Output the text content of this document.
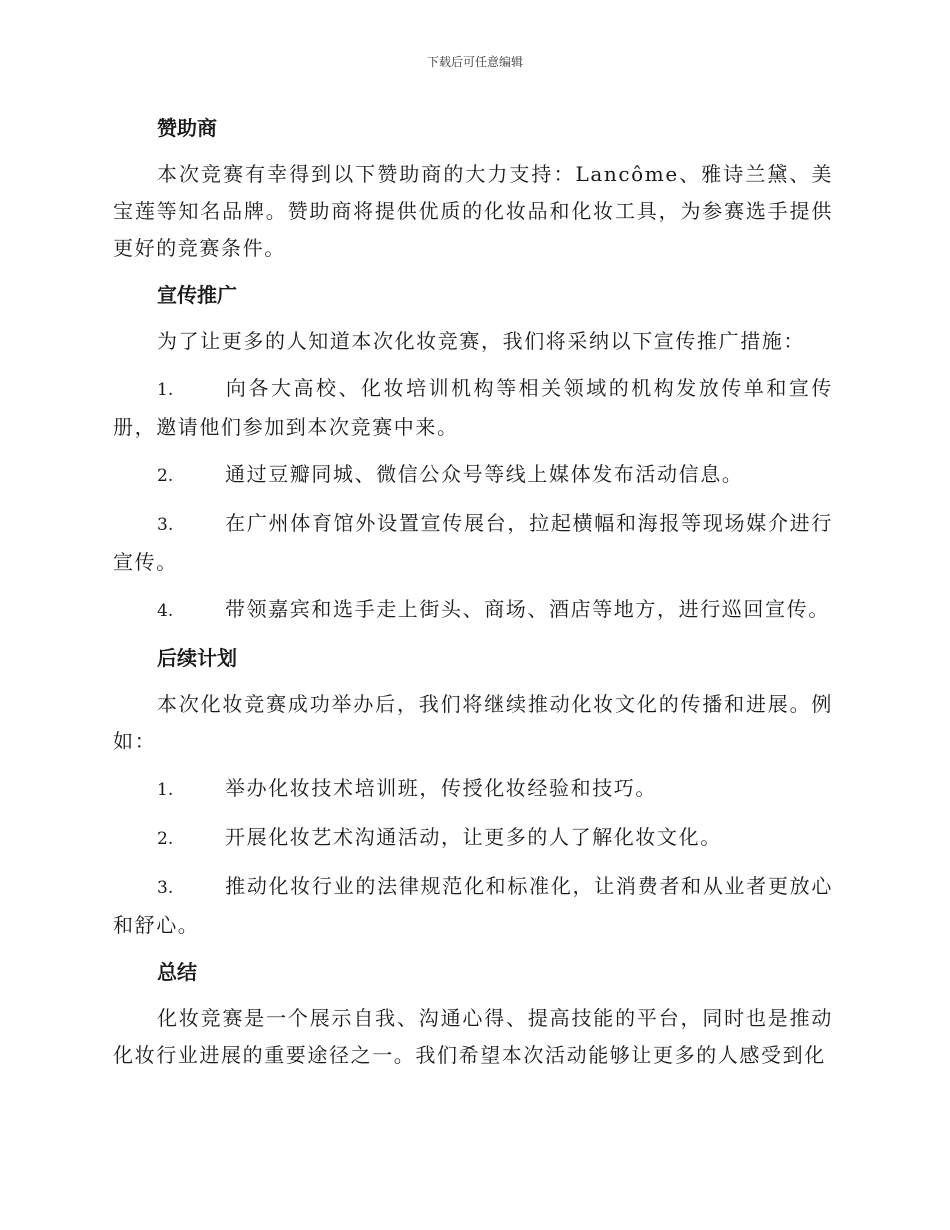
下载后可任意编辑
赞助商

本次竞赛有幸得到以下赞助商的大力支持：Lancôme、雅诗兰黛、美宝莲等知名品牌。赞助商将提供优质的化妆品和化妆工具，为参赛选手提供更好的竞赛条件。

宣传推广

为了让更多的人知道本次化妆竞赛，我们将采纳以下宣传推广措施：

1.	向各大高校、化妆培训机构等相关领域的机构发放传单和宣传册，邀请他们参加到本次竞赛中来。

2.	通过豆瓣同城、微信公众号等线上媒体发布活动信息。

3.	在广州体育馆外设置宣传展台，拉起横幅和海报等现场媒介进行宣传。

4.	带领嘉宾和选手走上街头、商场、酒店等地方，进行巡回宣传。

后续计划

本次化妆竞赛成功举办后，我们将继续推动化妆文化的传播和进展。例如：

1.	举办化妆技术培训班，传授化妆经验和技巧。

2.	开展化妆艺术沟通活动，让更多的人了解化妆文化。

3.	推动化妆行业的法律规范化和标准化，让消费者和从业者更放心和舒心。

总结

化妆竞赛是一个展示自我、沟通心得、提高技能的平台，同时也是推动化妆行业进展的重要途径之一。我们希望本次活动能够让更多的人感受到化
